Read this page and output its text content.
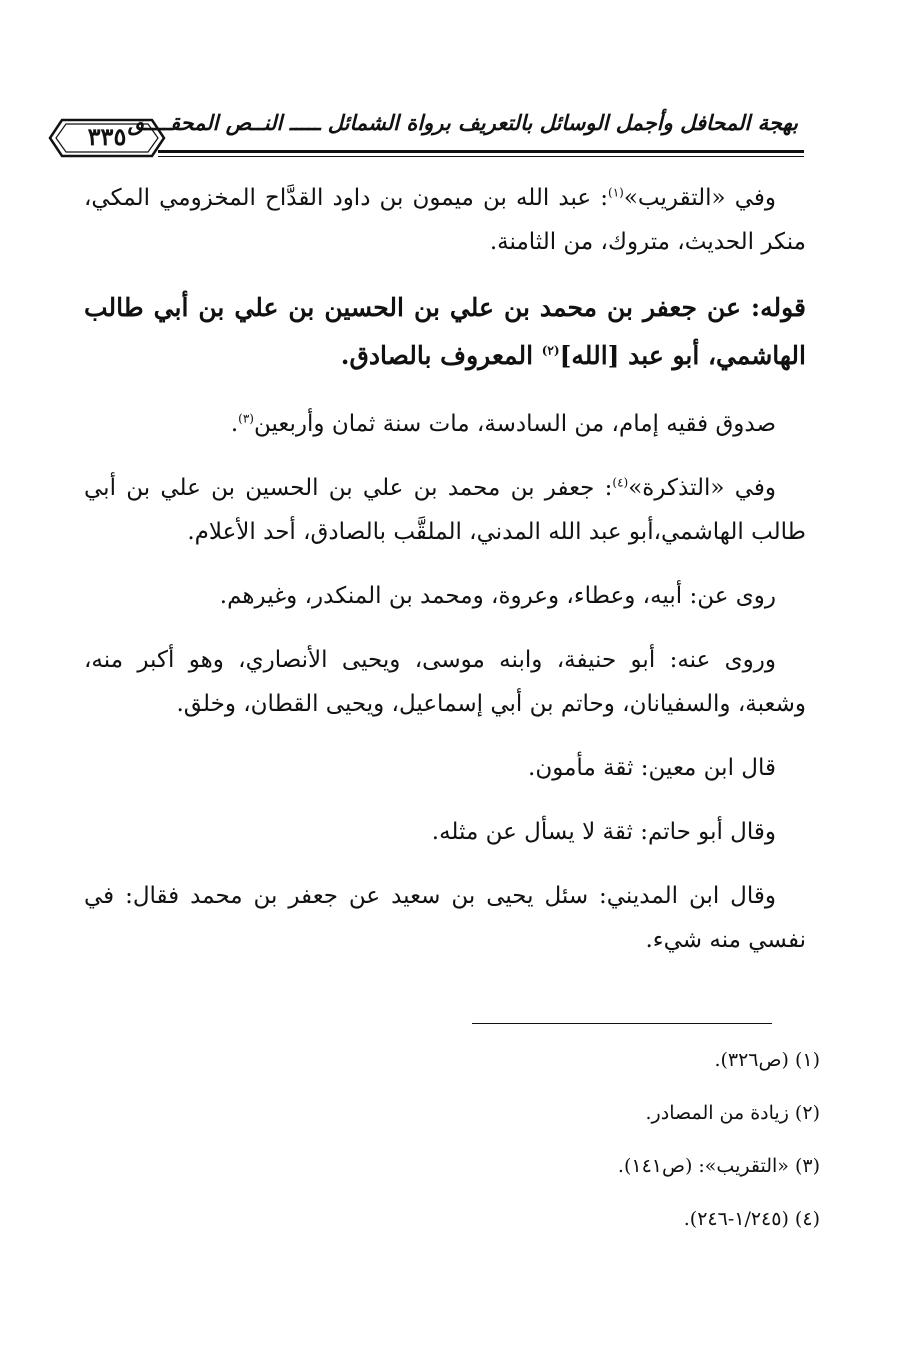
بهجة المحافل وأجمل الوسائل بالتعريف برواة الشمائل ـــــ النــص المحقــــق
٣٣٥

وفي «التقريب»$^{(١)}$: عبد الله بن ميمون بن داود القدَّاح المخزومي المكي، منكر الحديث، متروك، من الثامنة.

قوله: عن جعفر بن محمد بن علي بن الحسين بن علي بن أبي طالب الهاشمي، أبو عبد [الله]$^{(٢)}$ المعروف بالصادق.

صدوق فقيه إمام، من السادسة، مات سنة ثمان وأربعين$^{(٣)}$.

وفي «التذكرة»$^{(٤)}$: جعفر بن محمد بن علي بن الحسين بن علي بن أبي طالب الهاشمي،أبو عبد الله المدني، الملقَّب بالصادق، أحد الأعلام.

روى عن: أبيه، وعطاء، وعروة، ومحمد بن المنكدر، وغيرهم.

وروى عنه: أبو حنيفة، وابنه موسى، ويحيى الأنصاري، وهو أكبر منه، وشعبة، والسفيانان، وحاتم بن أبي إسماعيل، ويحيى القطان، وخلق.

قال ابن معين: ثقة مأمون.

وقال أبو حاتم: ثقة لا يسأل عن مثله.

وقال ابن المديني: سئل يحيى بن سعيد عن جعفر بن محمد فقال: في نفسي منه شيء.

(١) (ص٣٢٦).
(٢) زيادة من المصادر.
(٣) «التقريب»: (ص١٤١).
(٤) (١/٢٤٥-٢٤٦).
